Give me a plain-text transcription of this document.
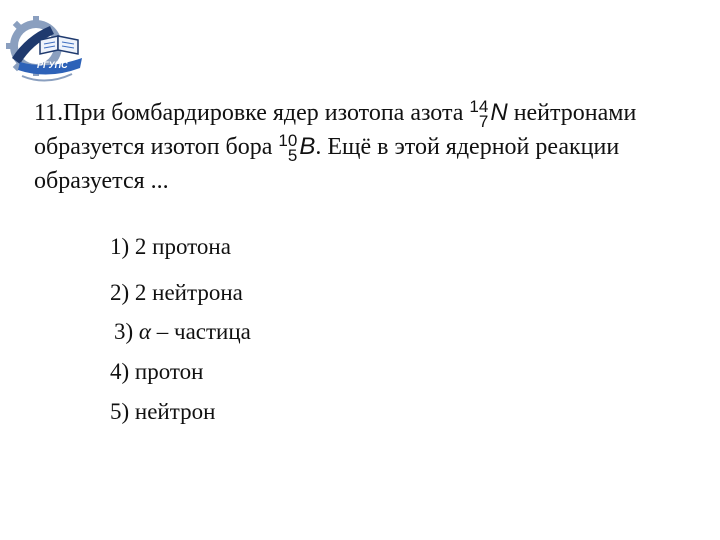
РГУПС
11.При бомбардировке ядер изотопа азота 14
7 N нейтронами образуется изотоп бора 10
5 B. Ещё в этой ядерной реакции образуется ...
1) 2 протона
2) 2 нейтрона
3) α – частица
4) протон
5) нейтрон
